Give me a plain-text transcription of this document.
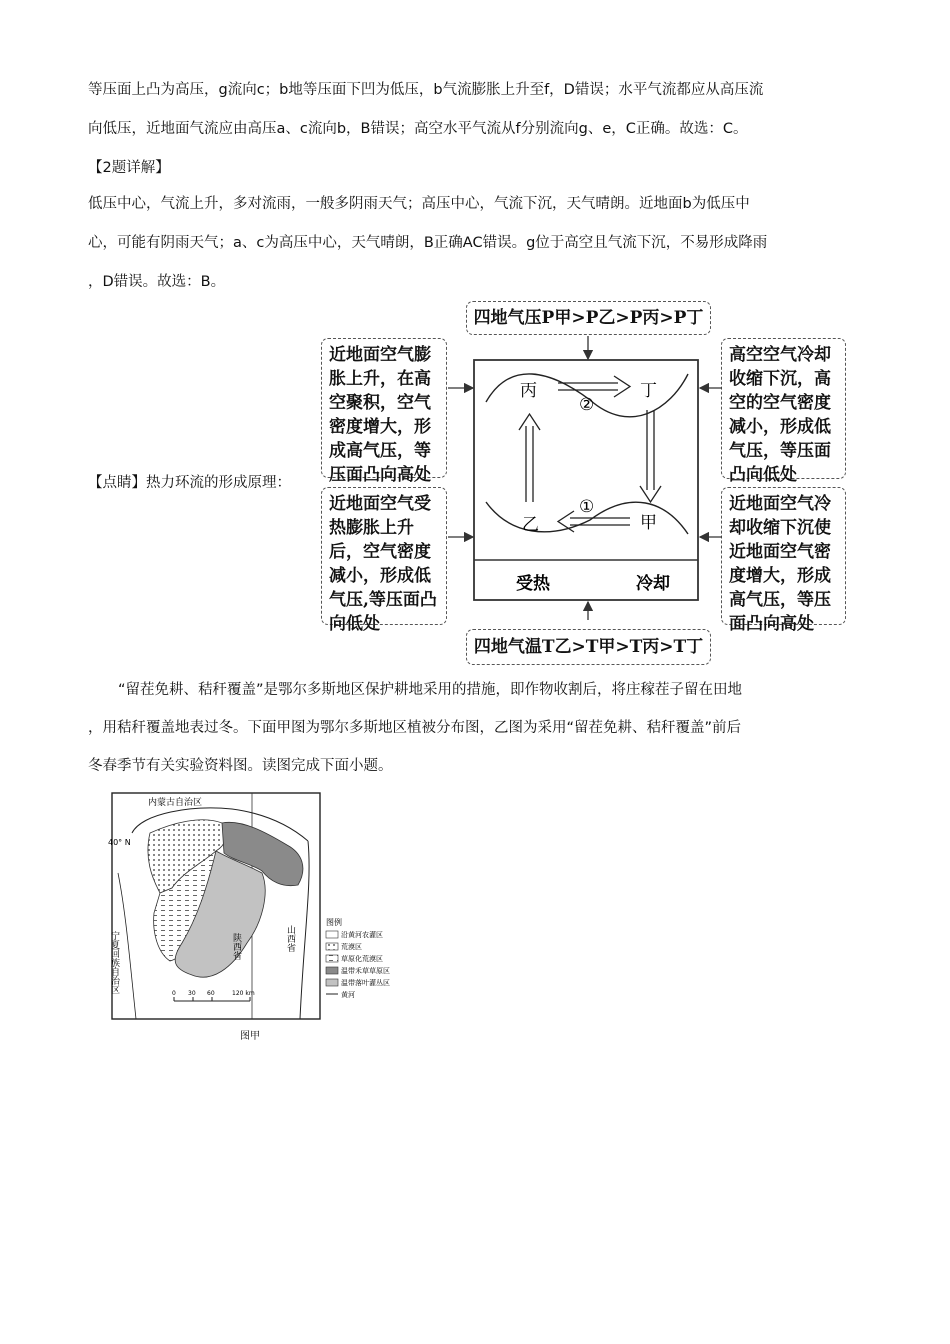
等压面上凸为高压，g流向c；b地等压面下凹为低压，b气流膨胀上升至f，D错误；水平气流都应从高压流
向低压，近地面气流应由高压a、c流向b，B错误；高空水平气流从f分别流向g、e，C正确。故选：C。
【2题详解】
低压中心，气流上升，多对流雨，一般多阴雨天气；高压中心，气流下沉，天气晴朗。近地面b为低压中
心，可能有阴雨天气；a、c为高压中心，天气晴朗，B正确AC错误。g位于高空且气流下沉，不易形成降雨
，D错误。故选：B。
【点睛】热力环流的形成原理：
四地气压P甲>P乙>P丙>P丁
四地气温T乙>T甲>T丙>T丁
近地面空气膨胀上升，在高空聚积，空气密度增大，形成高气压，等压面凸向高处
近地面空气受热膨胀上升后，空气密度减小，形成低气压,等压面凸向低处
高空空气冷却收缩下沉，高空的空气密度减小，形成低气压，等压面凸向低处
近地面空气冷却收缩下沉使近地面空气密度增大，形成高气压，等压面凸向高处
丙	丁
乙	甲
②
①
受热	冷却
“留茬免耕、秸秆覆盖”是鄂尔多斯地区保护耕地采用的措施，即作物收割后，将庄稼茬子留在田地
，用秸秆覆盖地表过冬。下面甲图为鄂尔多斯地区植被分布图，乙图为采用“留茬免耕、秸秆覆盖”前后
冬春季节有关实验资料图。读图完成下面小题。
内蒙古自治区
40° N
宁夏回族自治区	陕西省	山西省
0 30 60	120 km
图例
沿黄河农灌区
荒漠区
草原化荒漠区
温带禾草草原区
温带落叶灌丛区
黄河
图甲
